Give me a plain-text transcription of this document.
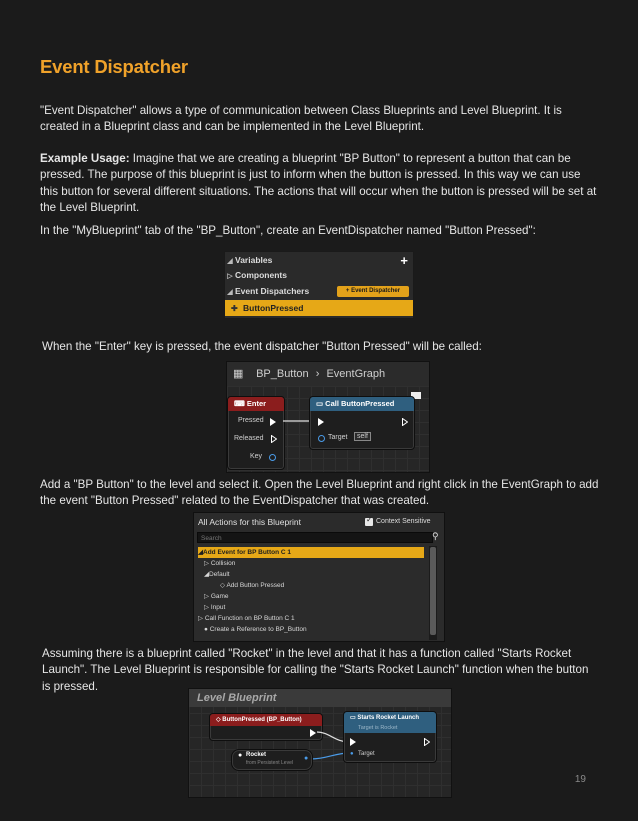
Event Dispatcher
"Event Dispatcher" allows a type of communication between Class Blueprints and Level Blueprint. It is created in a Blueprint class and can be implemented in the Level Blueprint.
Example Usage: Imagine that we are creating a blueprint "BP Button" to represent a button that can be pressed. The purpose of this blueprint is just to inform when the button is pressed. In this way we can use this button for several different situations. The actions that will occur when the button is pressed will be set at the Level Blueprint.
In the "MyBlueprint" tab of the "BP_Button", create an EventDispatcher named "Button Pressed":
◢ Variables	+
▷ Components
◢ Event Dispatchers	+ Event Dispatcher
✚ ButtonPressed
When the "Enter" key is pressed, the event dispatcher "Button Pressed" will be called:
▦ BP_Button › EventGraph
⌨ Enter
Pressed
Released
Key
▭ Call ButtonPressed
Target	self
Add a "BP Button" to the level and select it. Open the Level Blueprint and right click in the EventGraph to add the event "Button Pressed" related to the EventDispatcher that was created.
All Actions for this Blueprint	✓ Context Sensitive
Search	⚲
◢Add Event for BP Button C 1
▷ Collision
◢Default
◇ Add Button Pressed
▷ Game
▷ Input
▷ Call Function on BP Button C 1
● Create a Reference to BP_Button
Assuming there is a blueprint called "Rocket" in the level and that it has a function called "Starts Rocket Launch". The Level Blueprint is responsible for calling the "Starts Rocket Launch" function when the button is pressed.
Level Blueprint
◇ ButtonPressed (BP_Button)	▭ Starts Rocket Launch
Target is Rocket
● Target
● Rocket
from Persistent Level
●
19
